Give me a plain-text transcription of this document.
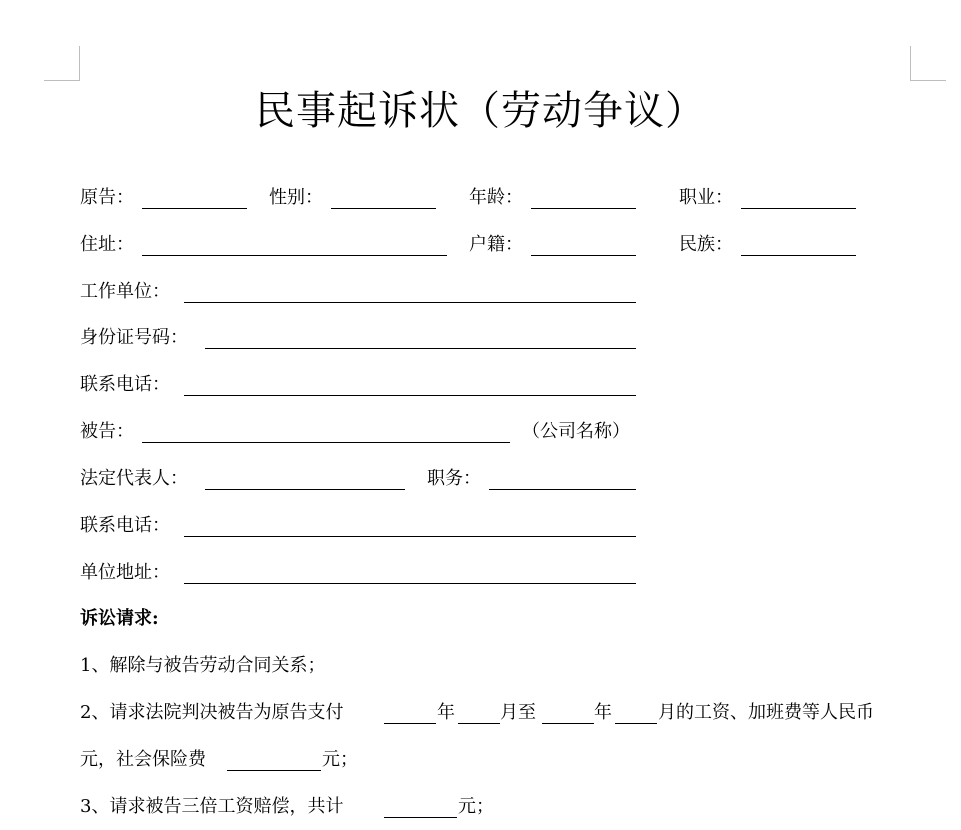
民事起诉状（劳动争议）
原告：	性别：	年龄：	职业：
住址：	户籍：	民族：
工作单位：
身份证号码：
联系电话：
被告：	（公司名称）
法定代表人：	职务：
联系电话：
单位地址：
诉讼请求:
1、解除与被告劳动合同关系；
2、请求法院判决被告为原告支付	年	月至	年	月的工资、加班费等人民币
元，社会保险费	元；
3、请求被告三倍工资赔偿，共计	元；
